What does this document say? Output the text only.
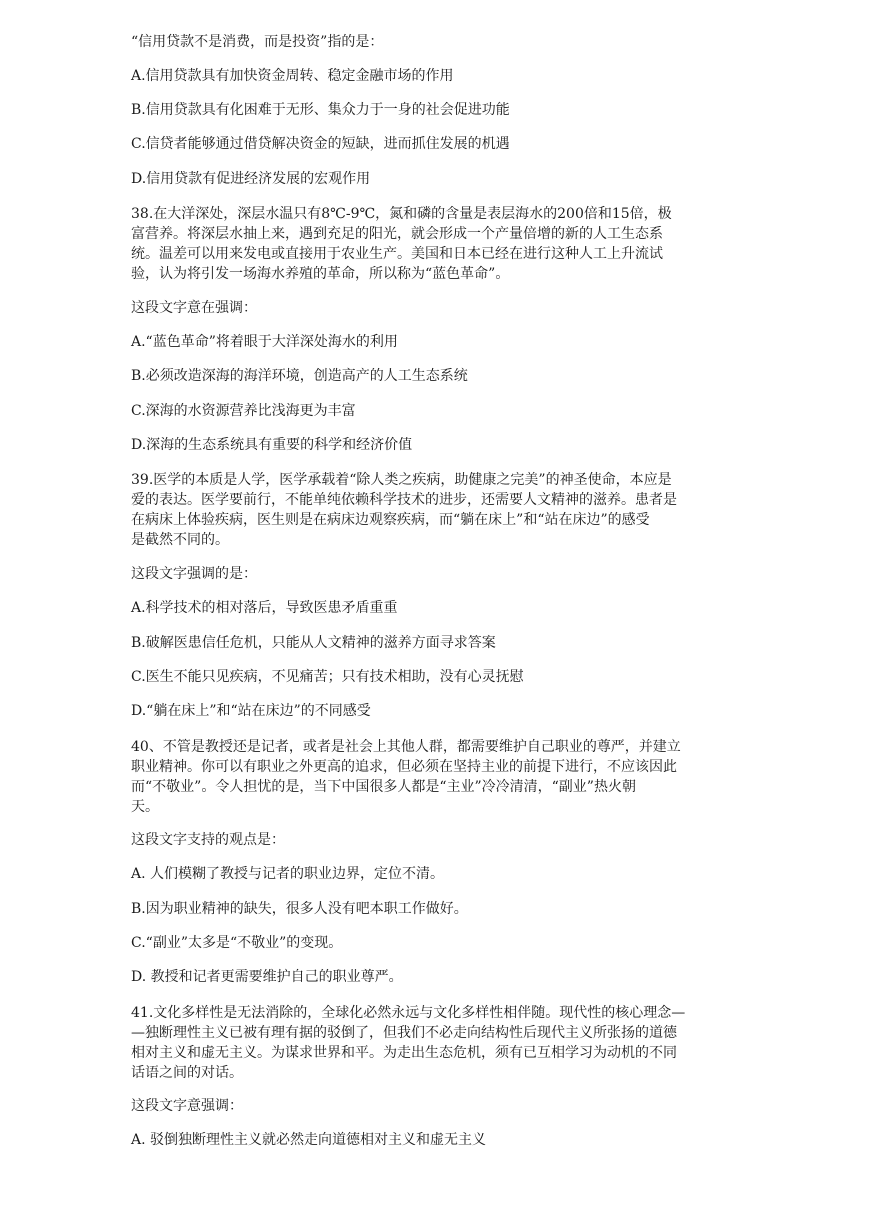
“信用贷款不是消费，而是投资”指的是：
A.信用贷款具有加快资金周转、稳定金融市场的作用
B.信用贷款具有化困难于无形、集众力于一身的社会促进功能
C.信贷者能够通过借贷解决资金的短缺，进而抓住发展的机遇
D.信用贷款有促进经济发展的宏观作用
38.在大洋深处，深层水温只有8℃-9℃，氮和磷的含量是表层海水的200倍和15倍，极
富营养。将深层水抽上来，遇到充足的阳光，就会形成一个产量倍增的新的人工生态系
统。温差可以用来发电或直接用于农业生产。美国和日本已经在进行这种人工上升流试
验，认为将引发一场海水养殖的革命，所以称为“蓝色革命”。
这段文字意在强调：
A.“蓝色革命”将着眼于大洋深处海水的利用
B.必须改造深海的海洋环境，创造高产的人工生态系统
C.深海的水资源营养比浅海更为丰富
D.深海的生态系统具有重要的科学和经济价值
39.医学的本质是人学，医学承载着“除人类之疾病，助健康之完美”的神圣使命，本应是
爱的表达。医学要前行，不能单纯依赖科学技术的进步，还需要人文精神的滋养。患者是
在病床上体验疾病，医生则是在病床边观察疾病，而“躺在床上”和“站在床边”的感受
是截然不同的。
这段文字强调的是：
A.科学技术的相对落后，导致医患矛盾重重
B.破解医患信任危机，只能从人文精神的滋养方面寻求答案
C.医生不能只见疾病，不见痛苦；只有技术相助，没有心灵抚慰
D.“躺在床上”和“站在床边”的不同感受
40、不管是教授还是记者，或者是社会上其他人群，都需要维护自己职业的尊严，并建立
职业精神。你可以有职业之外更高的追求，但必须在坚持主业的前提下进行，不应该因此
而“不敬业”。令人担忧的是，当下中国很多人都是“主业”冷冷清清，“副业”热火朝
天。
这段文字支持的观点是：
A. 人们模糊了教授与记者的职业边界，定位不清。
B.因为职业精神的缺失，很多人没有吧本职工作做好。
C.“副业”太多是“不敬业”的变现。
D. 教授和记者更需要维护自己的职业尊严。
41.文化多样性是无法消除的，全球化必然永远与文化多样性相伴随。现代性的核心理念—
—独断理性主义已被有理有据的驳倒了，但我们不必走向结构性后现代主义所张扬的道德
相对主义和虚无主义。为谋求世界和平。为走出生态危机，须有已互相学习为动机的不同
话语之间的对话。
这段文字意强调：
A. 驳倒独断理性主义就必然走向道德相对主义和虚无主义
